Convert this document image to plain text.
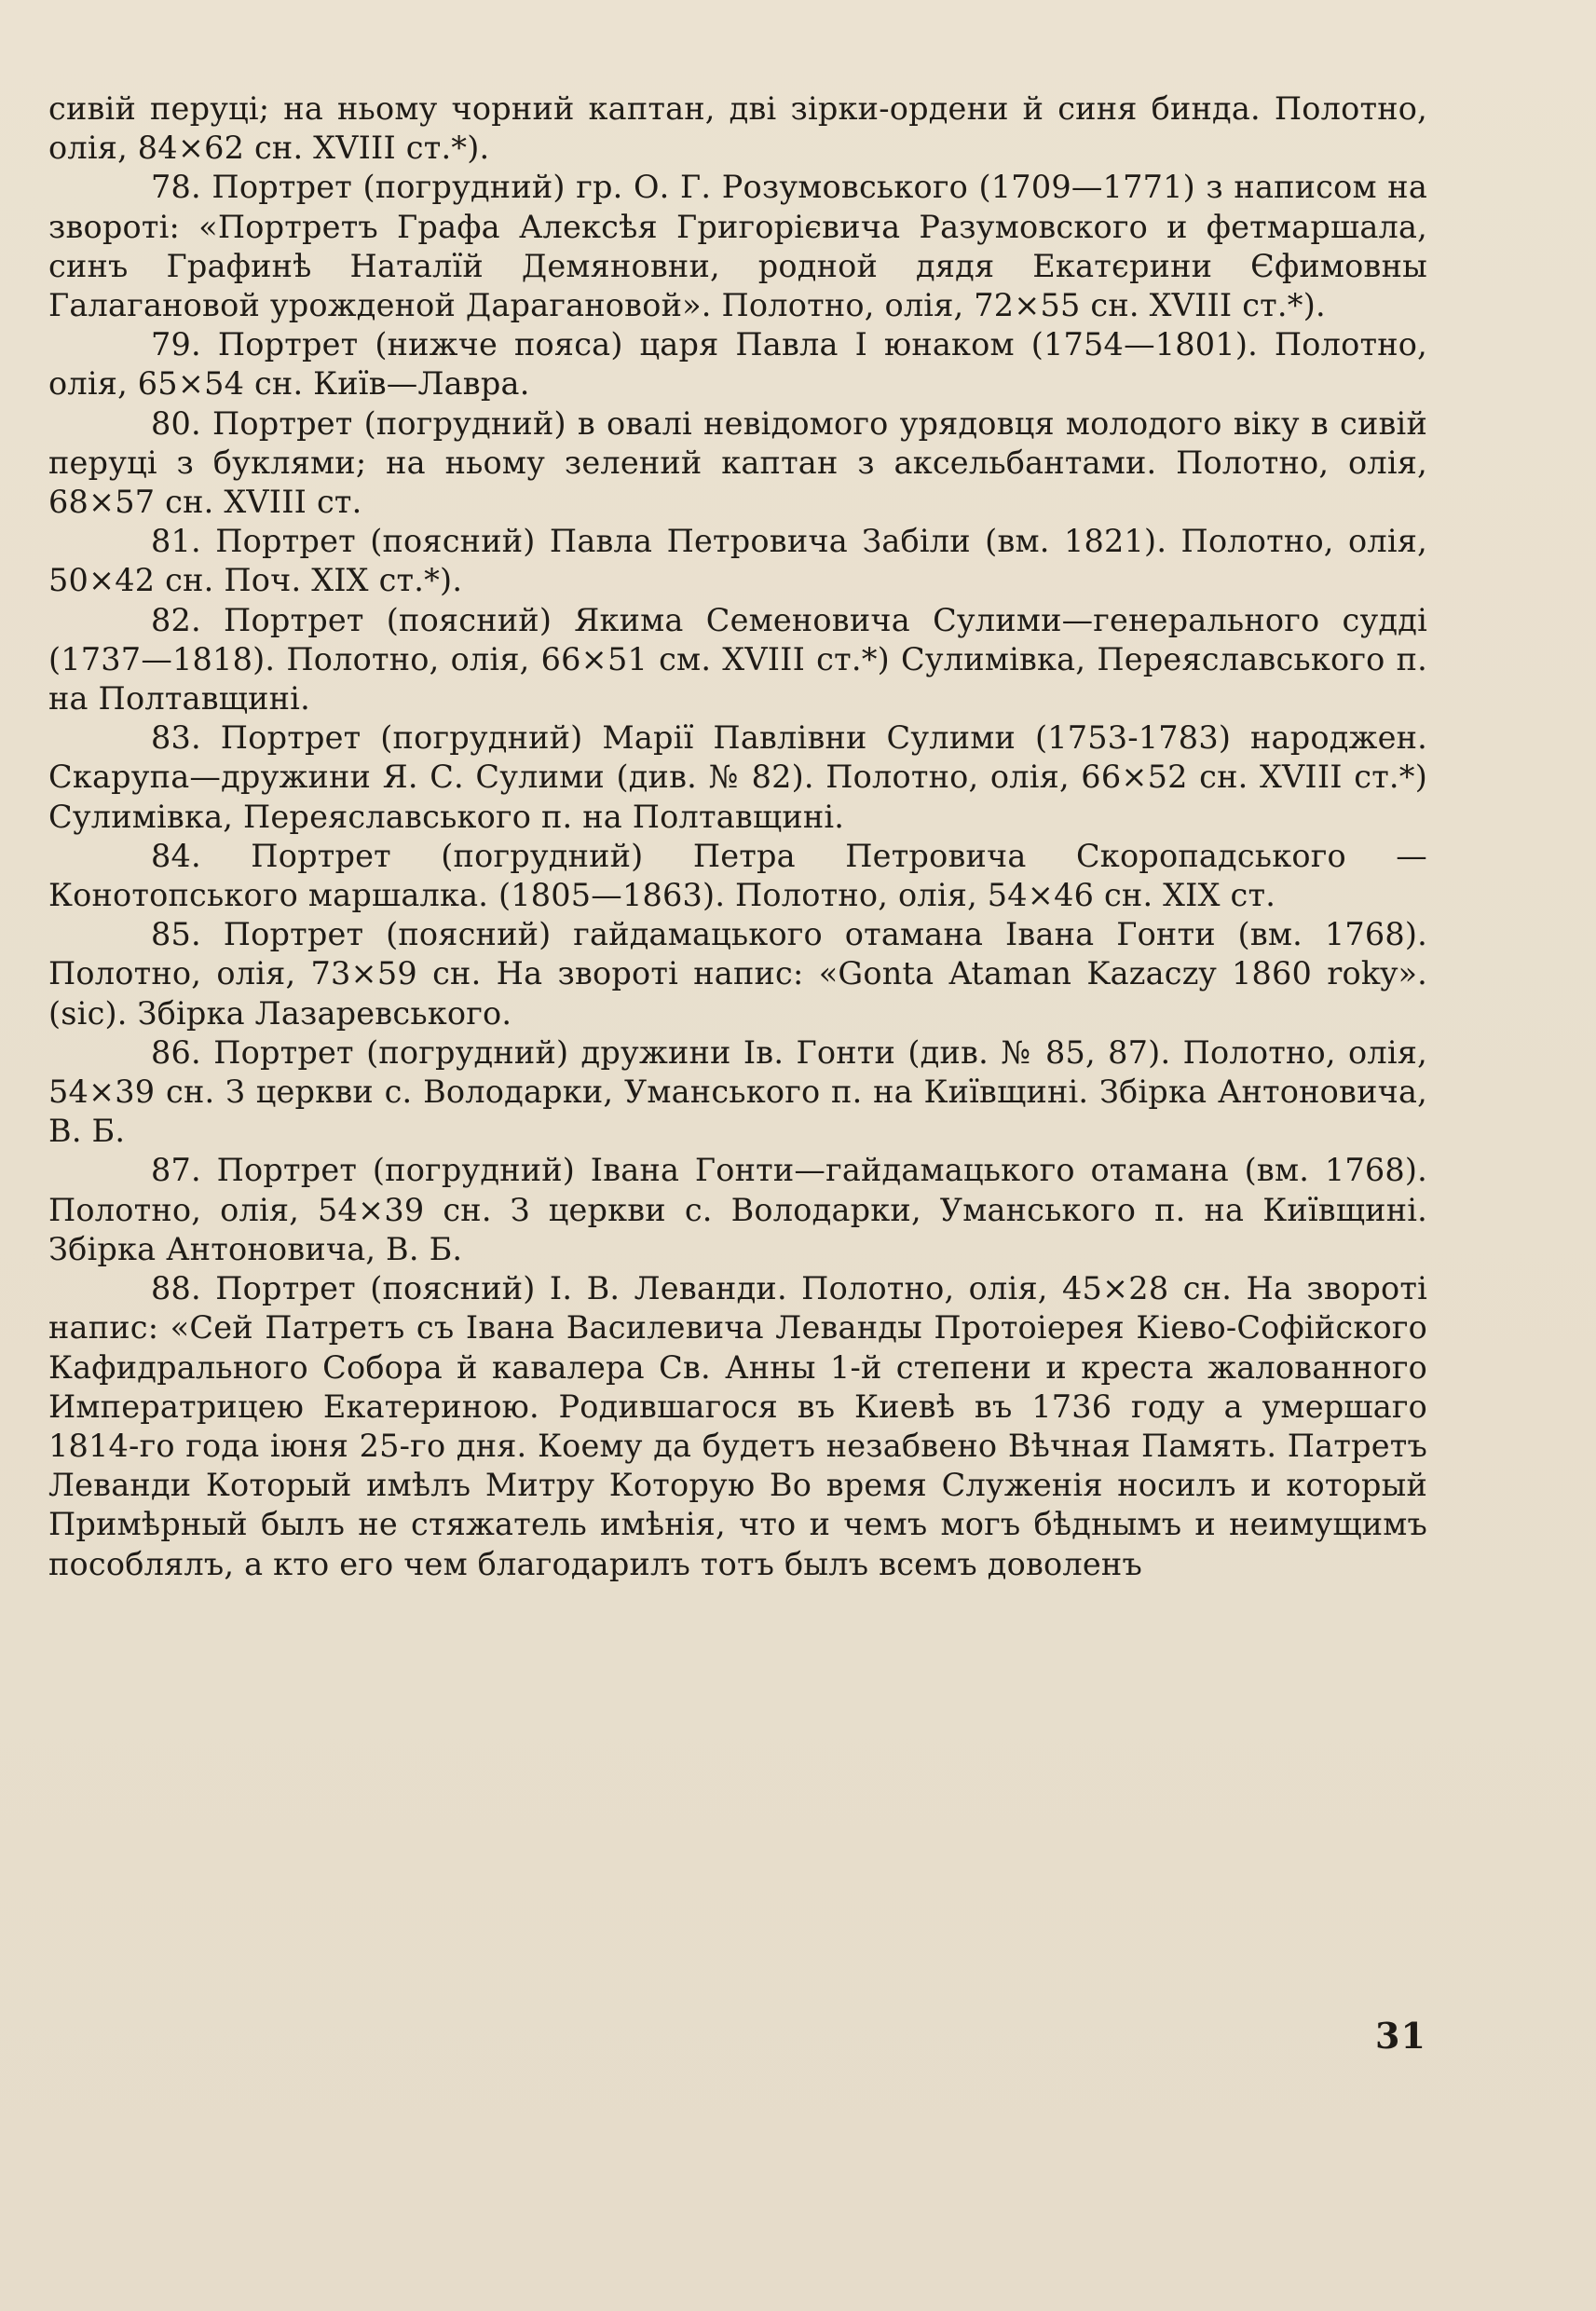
сивій перуці; на ньому чорний каптан, дві зірки-ордени й синя бинда. Полотно, олія, 84×62 сн. XVIII ст.*).

78. Портрет (погрудний) гр. О. Г. Розумовського (1709—1771) з написом на звороті: «Портретъ Графа Алексѣя Григорієвича Разумовского и фетмаршала, синъ Графинѣ Наталїй Демяновни, родной дядя Екатєрини Єфимовны Галагановой урожденой Дарагановой». Полотно, олія, 72×55 сн. XVIII ст.*).

79. Портрет (нижче пояса) царя Павла I юнаком (1754—1801). Полотно, олія, 65×54 сн. Київ—Лавра.

80. Портрет (погрудний) в овалі невідомого урядовця молодого віку в сивій перуці з буклями; на ньому зелений каптан з аксельбантами. Полотно, олія, 68×57 сн. XVIII ст.

81. Портрет (поясний) Павла Петровича Забіли (вм. 1821). Полотно, олія, 50×42 сн. Поч. XIX ст.*).

82. Портрет (поясний) Якима Семеновича Сулими—генерального судді (1737—1818). Полотно, олія, 66×51 см. XVIII ст.*) Сулимівка, Переяславського п. на Полтавщині.

83. Портрет (погрудний) Марії Павлівни Сулими (1753-1783) народжен. Скарупа—дружини Я. С. Сулими (див. № 82). Полотно, олія, 66×52 сн. XVIII ст.*) Сулимівка, Переяславського п. на Полтавщині.

84. Портрет (погрудний) Петра Петровича Скоропадського — Конотопського маршалка. (1805—1863). Полотно, олія, 54×46 сн. XIX ст.

85. Портрет (поясний) гайдамацького отамана Івана Гонти (вм. 1768). Полотно, олія, 73×59 сн. На звороті напис: «Gonta Ataman Kazaczy 1860 roky». (sic). Збірка Лазаревського.

86. Портрет (погрудний) дружини Ів. Гонти (див. № 85, 87). Полотно, олія, 54×39 сн. З церкви с. Володарки, Уманського п. на Київщині. Збірка Антоновича, В. Б.

87. Портрет (погрудний) Івана Гонти—гайдамацького отамана (вм. 1768). Полотно, олія, 54×39 сн. З церкви с. Володарки, Уманського п. на Київщині. Збірка Антоновича, В. Б.

88. Портрет (поясний) I. В. Леванди. Полотно, олія, 45×28 сн. На звороті напис: «Сей Патретъ съ Івана Василевича Леванды Протоіерея Кіево-Софійского Кафидрального Собора й кавалера Св. Анны 1-й степени и креста жалованного Императрицею Екатериною. Родившагося въ Киевѣ въ 1736 году а умершаго 1814-го года іюня 25-го дня. Коему да будетъ незабвено Вѣчная Память. Патретъ Леванди Который имѣлъ Митру Которую Во время Служенія носилъ и который Примѣрный былъ не стяжатель имѣнія, что и чемъ могъ бѣднымъ и неимущимъ пособлялъ, а кто его чем благодарилъ тотъ былъ всемъ доволенъ

31
